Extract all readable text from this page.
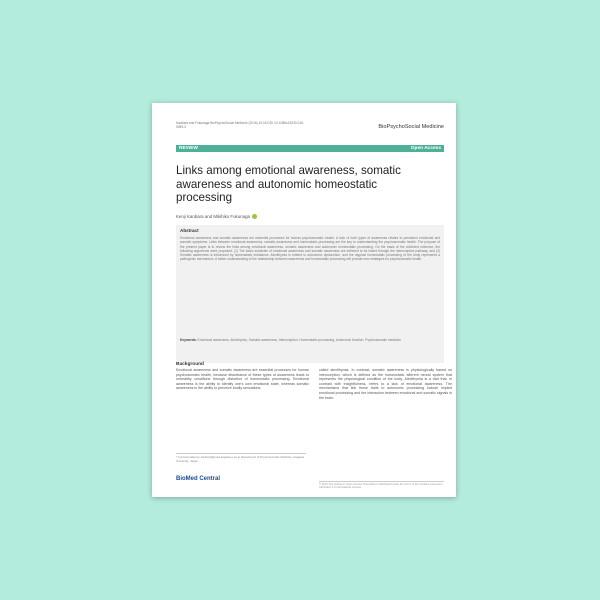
Kanbara and Fukunaga BioPsychoSocial Medicine (2016) 10:16 DOI 10.1186/s13030-016-0059-3	BioPsychoSocial Medicine
REVIEW	Open Access
Links among emotional awareness, somatic awareness and autonomic homeostatic processing
Kenji Kanbara and Mikihiko Fukunaga
Abstract
Emotional awareness and somatic awareness are essential processes for human psychosomatic health. A lack of both types of awareness relates to persistent emotional and somatic symptoms. Links between emotional awareness, somatic awareness and homeostatic processing are the key to understanding the psychosomatic health. The purpose of the present paper is to review the links among emotional awareness, somatic awareness and autonomic homeostatic processing. On the basis of the collected evidence, the following arguments were proposed: (1) The basic substrate of emotional awareness and somatic awareness are believed to be linked through the interoceptive pathway, and (2) Somatic awareness is influenced by homeostatic imbalance. Alexithymia is related to autonomic dysfunction, and the atypical homeostatic processing of the body represents a pathogenic mechanism. A better understanding of the relationship between awareness and homeostatic processing will provide new strategies for psychosomatic health.
Keywords: Emotional awareness, Alexithymia, Somatic awareness, Interoception, Homeostatic processing, Autonomic function, Psychosomatic medicine
Background
Emotional awareness and somatic awareness are essential processes for human psychosomatic health, because disturbance of these types of awareness leads to unhealthy conditions through distortion of homeostatic processing. Emotional awareness is the ability to identify one's own emotional state, whereas somatic awareness is the ability to perceive bodily sensations.
called alexithymia. In contrast, somatic awareness is physiologically based on interoception, which is defined as the homeostatic afferent neural system that represents the physiological condition of the body. Alexithymia is a trait that, in contrast with insightfulness, refers to a lack of emotional awareness. The mechanisms that link these traits to autonomic processing include implicit emotional processing and the interaction between emotional and somatic signals in the brain.
* Correspondence: kanbara@med.kagawa-u.ac.jp Department of Psychosomatic Medicine, Kagawa University, Japan
BioMed Central
© 2016 The Author(s). Open Access This article is distributed under the terms of the Creative Commons Attribution 4.0 International License.
